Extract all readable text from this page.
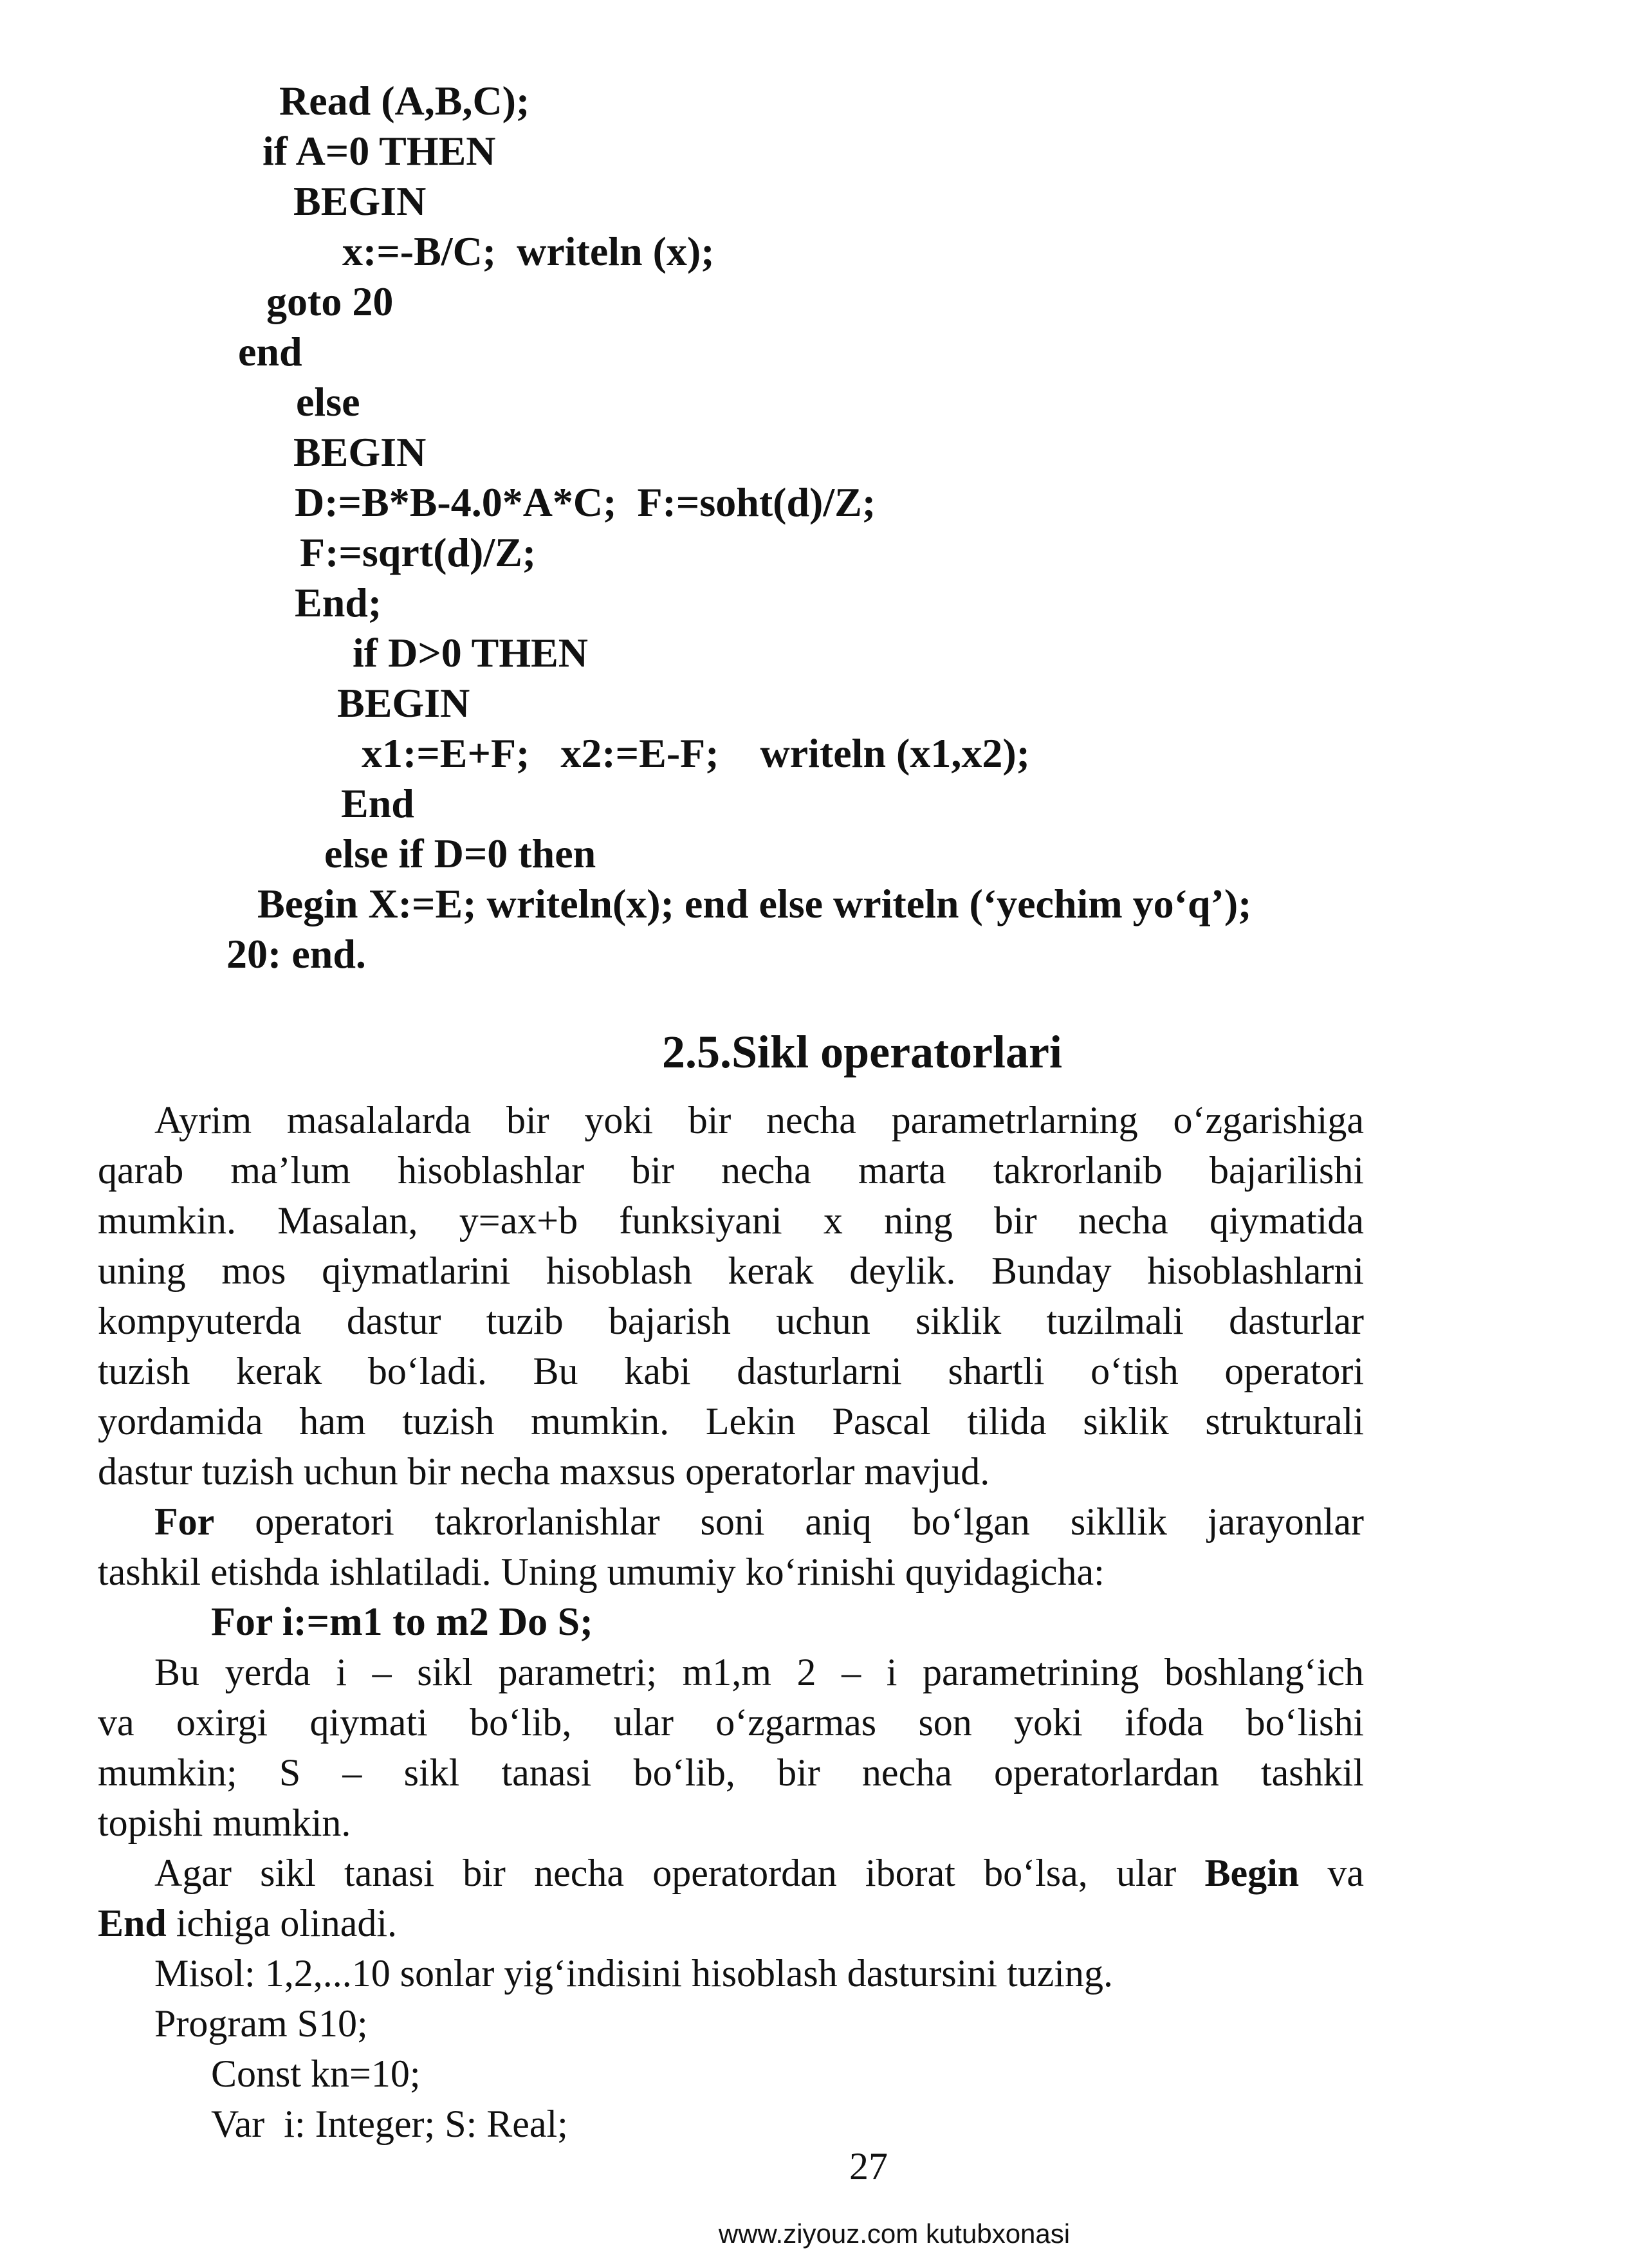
Read (A,B,C);
if A=0 THEN
BEGIN
x:=-B/C;  writeln (x);
goto 20
end
else
BEGIN
D:=B*B-4.0*A*C;  F:=soht(d)/Z;
F:=sqrt(d)/Z;
End;
if D>0 THEN
BEGIN
x1:=E+F;   x2:=E-F;    writeln (x1,x2);
End
else if D=0 then
Begin X:=E; writeln(x); end else writeln (‘yechim yo‘q’);
20: end.
2.5.Sikl operatorlari
Ayrim masalalarda bir yoki bir necha parametrlarning o‘zgarishiga
qarab ma’lum hisoblashlar bir necha marta takrorlanib bajarilishi
mumkin. Masalan, y=ax+b funksiyani x ning bir necha qiymatida
uning mos qiymatlarini hisoblash kerak deylik. Bunday hisoblashlarni
kompyuterda dastur tuzib bajarish uchun siklik tuzilmali dasturlar
tuzish kerak bo‘ladi. Bu kabi dasturlarni shartli o‘tish operatori
yordamida ham tuzish mumkin. Lekin Pascal tilida siklik strukturali
dastur tuzish uchun bir necha maxsus operatorlar mavjud.
For operatori takrorlanishlar soni aniq bo‘lgan sikllik jarayonlar
tashkil etishda ishlatiladi. Uning umumiy ko‘rinishi quyidagicha:
For i:=m1 to m2 Do S;
Bu yerda i – sikl parametri; m1,m 2 – i parametrining boshlang‘ich
va oxirgi qiymati bo‘lib, ular o‘zgarmas son yoki ifoda bo‘lishi
mumkin; S – sikl tanasi bo‘lib, bir necha operatorlardan tashkil
topishi mumkin.
Agar sikl tanasi bir necha operatordan iborat bo‘lsa, ular Begin va
End ichiga olinadi.
Misol: 1,2,...10 sonlar yig‘indisini hisoblash dastursini tuzing.
Program S10;
Const kn=10;
Var  i: Integer; S: Real;
27
www.ziyouz.com kutubxonasi
